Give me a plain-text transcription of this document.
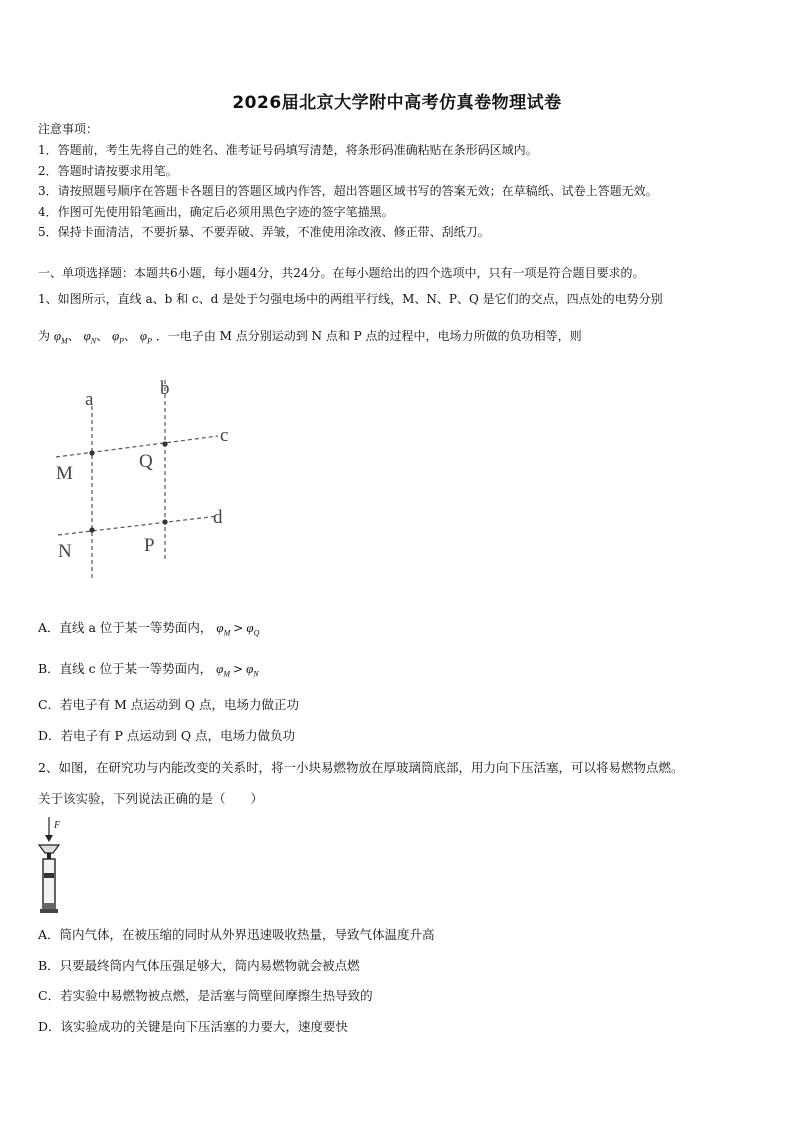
2026届北京大学附中高考仿真卷物理试卷
注意事项：
1．答题前，考生先将自己的姓名、准考证号码填写清楚，将条形码准确粘贴在条形码区域内。
2．答题时请按要求用笔。
3．请按照题号顺序在答题卡各题目的答题区域内作答，超出答题区域书写的答案无效；在草稿纸、试卷上答题无效。
4．作图可先使用铅笔画出，确定后必须用黑色字迹的签字笔描黑。
5．保持卡面清洁，不要折暴、不要弄破、弄皱，不准使用涂改液、修正带、刮纸刀。
一、单项选择题：本题共6小题，每小题4分，共24分。在每小题给出的四个选项中，只有一项是符合题目要求的。
1、如图所示，直线 a、b 和 c、d 是处于匀强电场中的两组平行线，M、N、P、Q 是它们的交点，四点处的电势分别
为 $\varphi_M$、 $\varphi_N$、 $\varphi_P$、 $\varphi_P$ ．一电子由 M 点分别运动到 N 点和 P 点的过程中，电场力所做的负功相等，则
a
b
c
d
M
Q
N	P
A．直线 a 位于某一等势面内， $\varphi_M > \varphi_Q$
B．直线 c 位于某一等势面内， $\varphi_M > \varphi_N$
C．若电子有 M 点运动到 Q 点，电场力做正功
D．若电子有 P 点运动到 Q 点，电场力做负功
2、如图，在研究功与内能改变的关系时，将一小块易燃物放在厚玻璃筒底部，用力向下压活塞，可以将易燃物点燃。
关于该实验，下列说法正确的是（　　）
F
A．筒内气体，在被压缩的同时从外界迅速吸收热量，导致气体温度升高
B．只要最终筒内气体压强足够大，筒内易燃物就会被点燃
C．若实验中易燃物被点燃，是活塞与筒壁间摩擦生热导致的
D．该实验成功的关键是向下压活塞的力要大，速度要快
